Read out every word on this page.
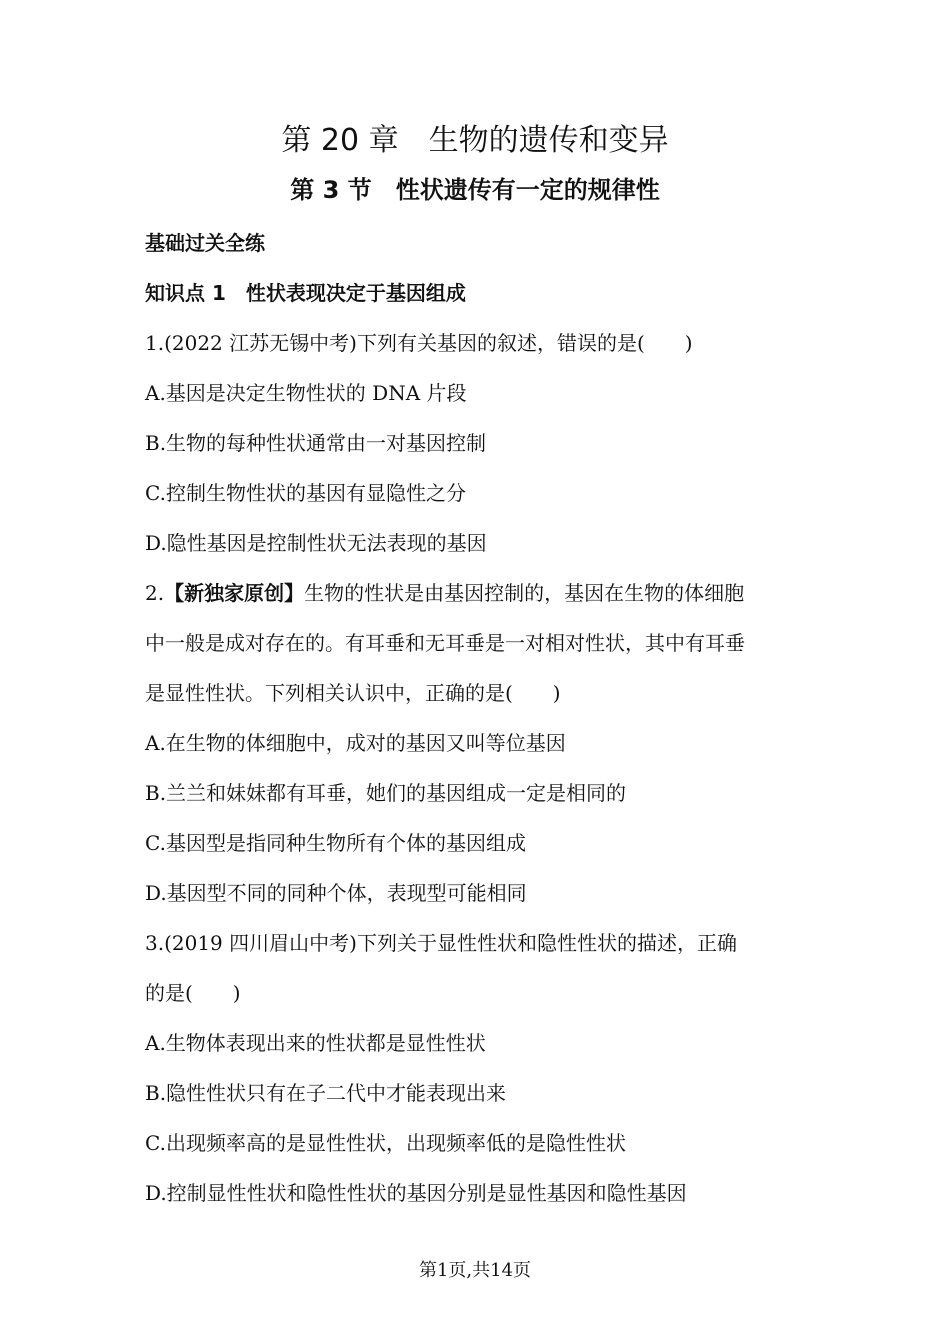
第 20 章　生物的遗传和变异
第 3 节　性状遗传有一定的规律性
基础过关全练
知识点 1　性状表现决定于基因组成
1.(2022 江苏无锡中考)下列有关基因的叙述，错误的是(　　)
A.基因是决定生物性状的 DNA 片段
B.生物的每种性状通常由一对基因控制
C.控制生物性状的基因有显隐性之分
D.隐性基因是控制性状无法表现的基因
2.【新独家原创】生物的性状是由基因控制的，基因在生物的体细胞
中一般是成对存在的。有耳垂和无耳垂是一对相对性状，其中有耳垂
是显性性状。下列相关认识中，正确的是(　　)
A.在生物的体细胞中，成对的基因又叫等位基因
B.兰兰和妹妹都有耳垂，她们的基因组成一定是相同的
C.基因型是指同种生物所有个体的基因组成
D.基因型不同的同种个体，表现型可能相同
3.(2019 四川眉山中考)下列关于显性性状和隐性性状的描述，正确
的是(　　)
A.生物体表现出来的性状都是显性性状
B.隐性性状只有在子二代中才能表现出来
C.出现频率高的是显性性状，出现频率低的是隐性性状
D.控制显性性状和隐性性状的基因分别是显性基因和隐性基因
第1页,共14页
